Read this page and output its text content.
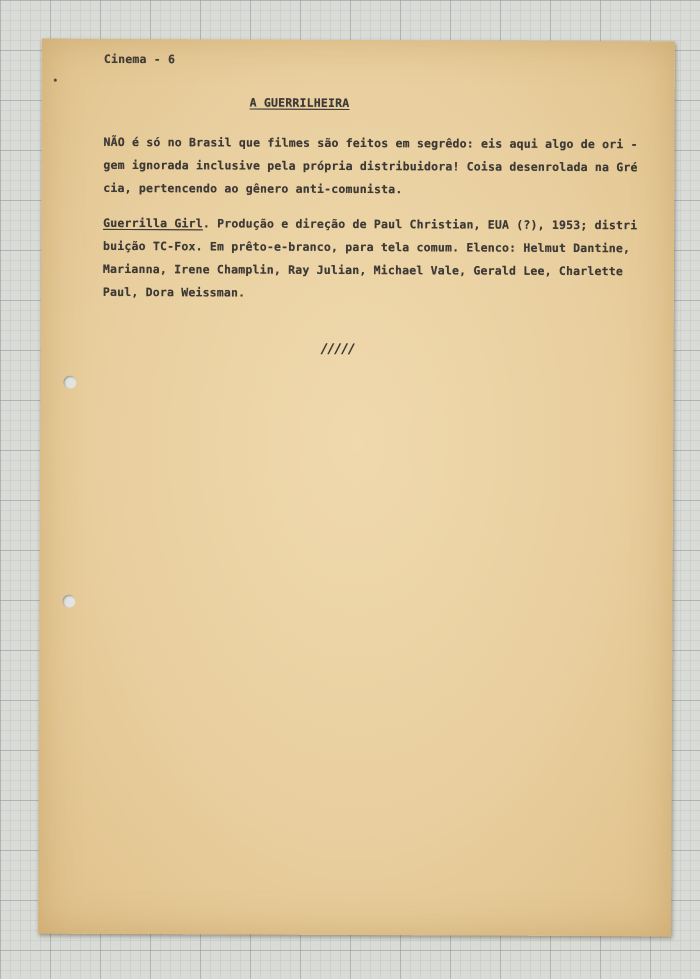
Cinema - 6
A GUERRILHEIRA
NÃO é só no Brasil que filmes são feitos em segrêdo: eis aqui algo de ori -
gem ignorada inclusive pela própria distribuidora! Coisa desenrolada na Gré
cia, pertencendo ao gênero anti-comunista.
Guerrilla Girl. Produção e direção de Paul Christian, EUA (?), 1953; distri
buição TC-Fox. Em prêto-e-branco, para tela comum. Elenco: Helmut Dantine,
Marianna, Irene Champlin, Ray Julian, Michael Vale, Gerald Lee, Charlette
Paul, Dora Weissman.
/////
